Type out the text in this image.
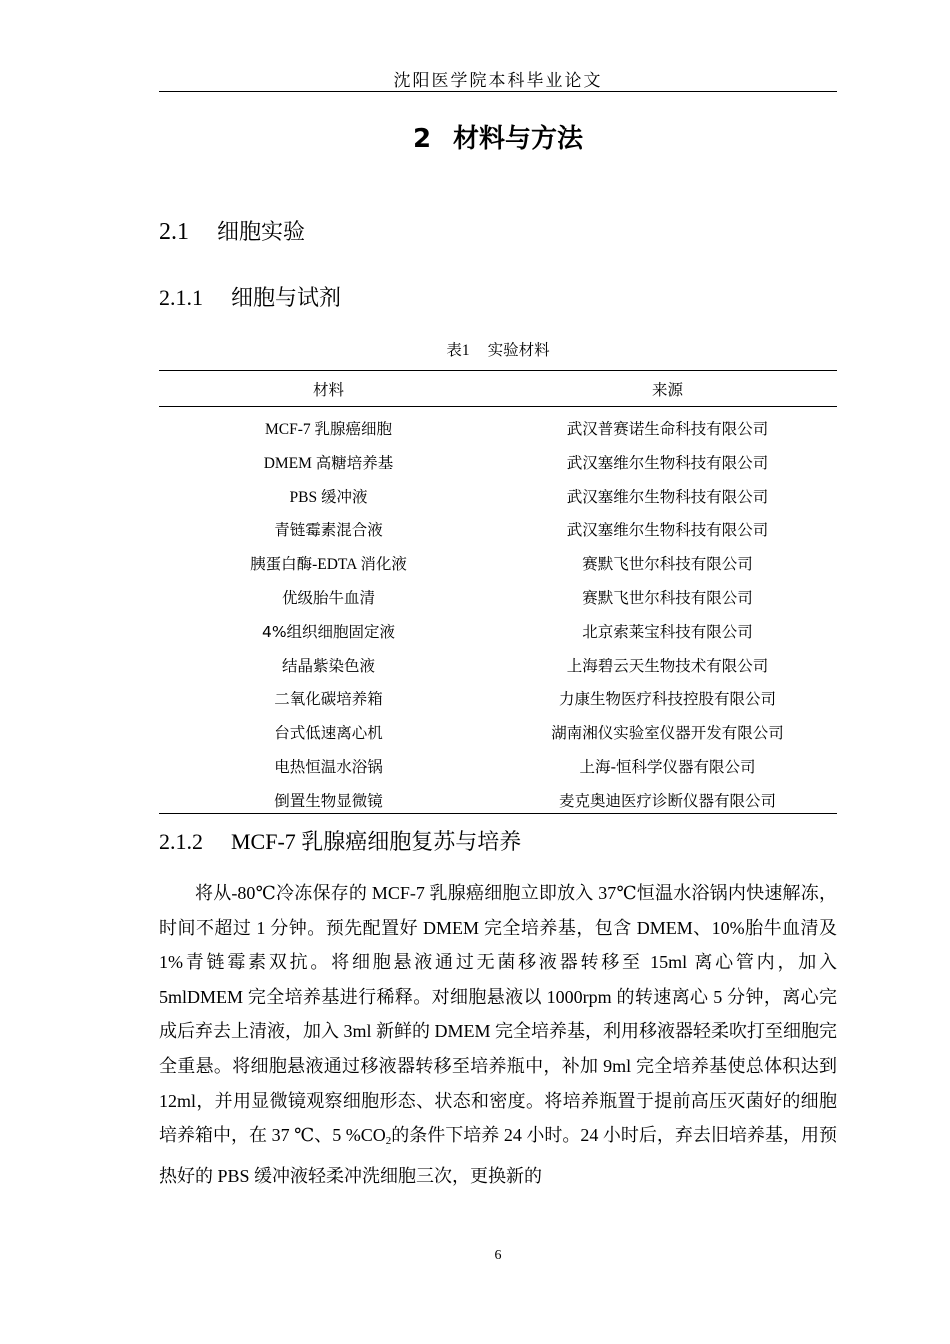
沈阳医学院本科毕业论文
2 材料与方法
2.1 细胞实验
2.1.1 细胞与试剂
表1 实验材料
材料	来源
MCF-7 乳腺癌细胞	武汉普赛诺生命科技有限公司
DMEM 高糖培养基	武汉塞维尔生物科技有限公司
PBS 缓冲液	武汉塞维尔生物科技有限公司
青链霉素混合液	武汉塞维尔生物科技有限公司
胰蛋白酶-EDTA 消化液	赛默飞世尔科技有限公司
优级胎牛血清	赛默飞世尔科技有限公司
4%组织细胞固定液	北京索莱宝科技有限公司
结晶紫染色液	上海碧云天生物技术有限公司
二氧化碳培养箱	力康生物医疗科技控股有限公司
台式低速离心机	湖南湘仪实验室仪器开发有限公司
电热恒温水浴锅	上海-恒科学仪器有限公司
倒置生物显微镜	麦克奥迪医疗诊断仪器有限公司
2.1.2 MCF-7 乳腺癌细胞复苏与培养

将从-80℃冷冻保存的 MCF-7 乳腺癌细胞立即放入 37℃恒温水浴锅内快速解冻，时间不超过 1 分钟。预先配置好 DMEM 完全培养基，包含 DMEM、10%胎牛血清及 1%青链霉素双抗。将细胞悬液通过无菌移液器转移至 15ml 离心管内，加入 5mlDMEM 完全培养基进行稀释。对细胞悬液以 1000rpm 的转速离心 5 分钟，离心完成后弃去上清液，加入 3ml 新鲜的 DMEM 完全培养基，利用移液器轻柔吹打至细胞完全重悬。将细胞悬液通过移液器转移至培养瓶中，补加 9ml 完全培养基使总体积达到 12ml，并用显微镜观察细胞形态、状态和密度。将培养瓶置于提前高压灭菌好的细胞培养箱中，在 37 ℃、5 $\%CO_2$的条件下培养 24 小时。24 小时后，弃去旧培养基，用预热好的 PBS 缓冲液轻柔冲洗细胞三次，更换新的

6
